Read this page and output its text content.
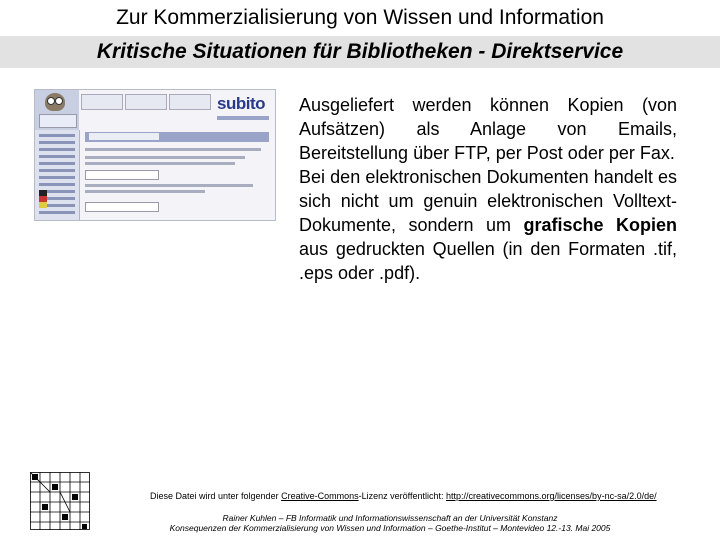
Zur Kommerzialisierung von Wissen und Information
Kritische Situationen für Bibliotheken - Direktservice
subito Ausgeliefert werden können Kopien (von Aufsätzen) als Anlage von Emails, Bereitstellung über FTP, per Post oder per Fax.

Bei den elektronischen Dokumenten handelt es sich nicht um genuin elektronischen Volltext-Dokumente, sondern um grafische Kopien aus gedruckten Quellen (in den Formaten .tif, .eps oder .pdf).

Diese Datei wird unter folgender Creative-Commons-Lizenz veröffentlicht: http://creativecommons.org/licenses/by-nc-sa/2.0/de/
Rainer Kuhlen – FB Informatik und Informationswissenschaft an der Universität Konstanz
Konsequenzen der Kommerzialisierung von Wissen und Information – Goethe-Institut – Montevideo 12.-13. Mai 2005
